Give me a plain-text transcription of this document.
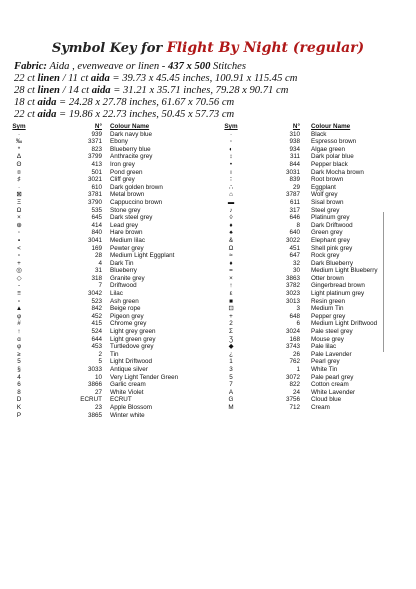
Symbol Key for Flight By Night (regular)
Fabric: Aida , evenweave or linen - 437 x 500 Stitches
22 ct linen / 11 ct aida = 39.73 x 45.45 inches, 100.91 x 115.45 cm
28 ct linen / 14 ct aida = 31.21 x 35.71 inches, 79.28 x 90.71 cm
18 ct aida = 24.28 x 27.78 inches, 61.67 x 70.56 cm
22 ct aida = 19.86 x 22.73 inches, 50.45 x 57.73 cm
Sym	N° Colour Name
·	939 Dark navy blue
‰	3371 Ebony
*	823 Blueberry blue
Δ	3799 Anthracite grey
ʘ	413 Iron grey
¤	501 Pond green
♯	3021 Cliff grey
·	610 Dark golden brown
⊠	3781 Metal brown
Ξ	3790 Cappuccino brown
Ω	535 Stone grey
×	645 Dark steel grey
⊕	414 Lead grey
◦	840 Hare brown
▪	3041 Medium lilac
<	169 Pewter grey
▫	28 Medium Light Eggplant
+	4 Dark Tin
◎	31 Blueberry
◇	318 Granite grey
-	7 Driftwood
≡	3042 Lilac
▫	523 Ash green
▲	842 Beige rope
φ	452 Pigeon grey
#	415 Chrome grey
↑	524 Light grey green
ɑ	644 Light green grey
φ	453 Turtledove grey
≥	2 Tin
5	5 Light Driftwood
§	3033 Antique silver
4	10 Very Light Tender Green
6	3866 Garlic cream
8	27 White Violet
D	ECRUT ECRUT
K	23 Apple Blossom
P	3865 Winter white
Sym	N° Colour Name
·	310 Black
◦	938 Espresso brown
◐	934 Algae green
↕	311 Dark polar blue
•	844 Pepper black
ı	3031 Dark Mocha brown
∶	839 Root brown
∴	29 Eggplant
⌂	3787 Wolf grey
▬	611 Sisal brown
♪	317 Steel grey
◊	646 Platinum grey
♦	8 Dark Driftwood
♠	640 Green grey
&	3022 Elephant grey
Ω	451 Shell pink grey
≈	647 Rock grey
♦	32 Dark Blueberry
=	30 Medium Light Blueberry
×	3863 Otter brown
↑	3782 Gingerbread brown
ε	3023 Light platinum grey
■	3013 Resin green
⊡	3 Medium Tin
+	648 Pepper grey
2	6 Medium Light Driftwood
Σ	3024 Pale steel grey
Ʒ	168 Mouse grey
◆	3743 Pale lilac
¿	26 Pale Lavender
1	762 Pearl grey
3	1 White Tin
5	3072 Pale pearl grey
7	822 Cotton cream
A	24 White Lavender
G	3756 Cloud blue
M	712 Cream
